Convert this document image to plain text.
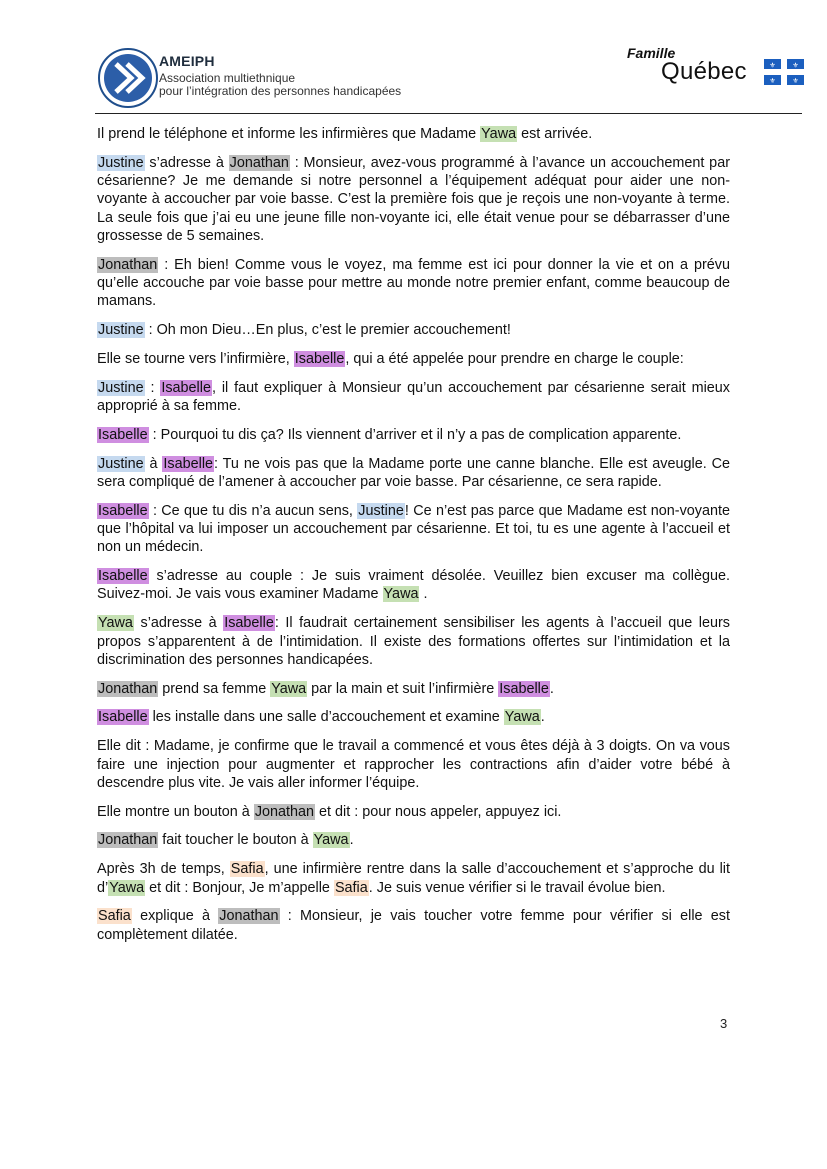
AMEIPH
Association multiethnique
pour l’intégration des personnes handicapées
Famille
Québec	⚜ ⚜
⚜ ⚜

Il prend le téléphone et informe les infirmières que Madame Yawa est arrivée.

Justine s’adresse à Jonathan : Monsieur, avez-vous programmé à l’avance un accouchement par césarienne? Je me demande si notre personnel a l’équipement adéquat pour aider une non-voyante à accoucher par voie basse. C’est la première fois que je reçois une non-voyante à terme. La seule fois que j’ai eu une jeune fille non-voyante ici, elle était venue pour se débarrasser d’une grossesse de 5 semaines.

Jonathan : Eh bien! Comme vous le voyez, ma femme est ici pour donner la vie et on a prévu qu’elle accouche par voie basse pour mettre au monde notre premier enfant, comme beaucoup de mamans.

Justine : Oh mon Dieu…En plus, c’est le premier accouchement!

Elle se tourne vers l’infirmière, Isabelle, qui a été appelée pour prendre en charge le couple:

Justine : Isabelle, il faut expliquer à Monsieur qu’un accouchement par césarienne serait mieux approprié à sa femme.

Isabelle : Pourquoi tu dis ça? Ils viennent d’arriver et il n’y a pas de complication apparente.

Justine à Isabelle: Tu ne vois pas que la Madame porte une canne blanche. Elle est aveugle. Ce sera compliqué de l’amener à accoucher par voie basse. Par césarienne, ce sera rapide.

Isabelle : Ce que tu dis n’a aucun sens, Justine! Ce n’est pas parce que Madame est non-voyante que l’hôpital va lui imposer un accouchement par césarienne. Et toi, tu es une agente à l’accueil et non un médecin.

Isabelle s’adresse au couple : Je suis vraiment désolée. Veuillez bien excuser ma collègue. Suivez-moi. Je vais vous examiner Madame Yawa .

Yawa s’adresse à Isabelle: Il faudrait certainement sensibiliser les agents à l’accueil que leurs propos s’apparentent à de l’intimidation. Il existe des formations offertes sur l’intimidation et la discrimination des personnes handicapées.

Jonathan prend sa femme Yawa par la main et suit l’infirmière Isabelle.

Isabelle les installe dans une salle d’accouchement et examine Yawa.

Elle dit : Madame, je confirme que le travail a commencé et vous êtes déjà à 3 doigts. On va vous faire une injection pour augmenter et rapprocher les contractions afin d’aider votre bébé à descendre plus vite. Je vais aller informer l’équipe.

Elle montre un bouton à Jonathan et dit : pour nous appeler, appuyez ici.

Jonathan fait toucher le bouton à Yawa.

Après 3h de temps, Safia, une infirmière rentre dans la salle d’accouchement et s’approche du lit d’Yawa et dit : Bonjour, Je m’appelle Safia. Je suis venue vérifier si le travail évolue bien.

Safia explique à Jonathan : Monsieur, je vais toucher votre femme pour vérifier si elle est complètement dilatée.

3
